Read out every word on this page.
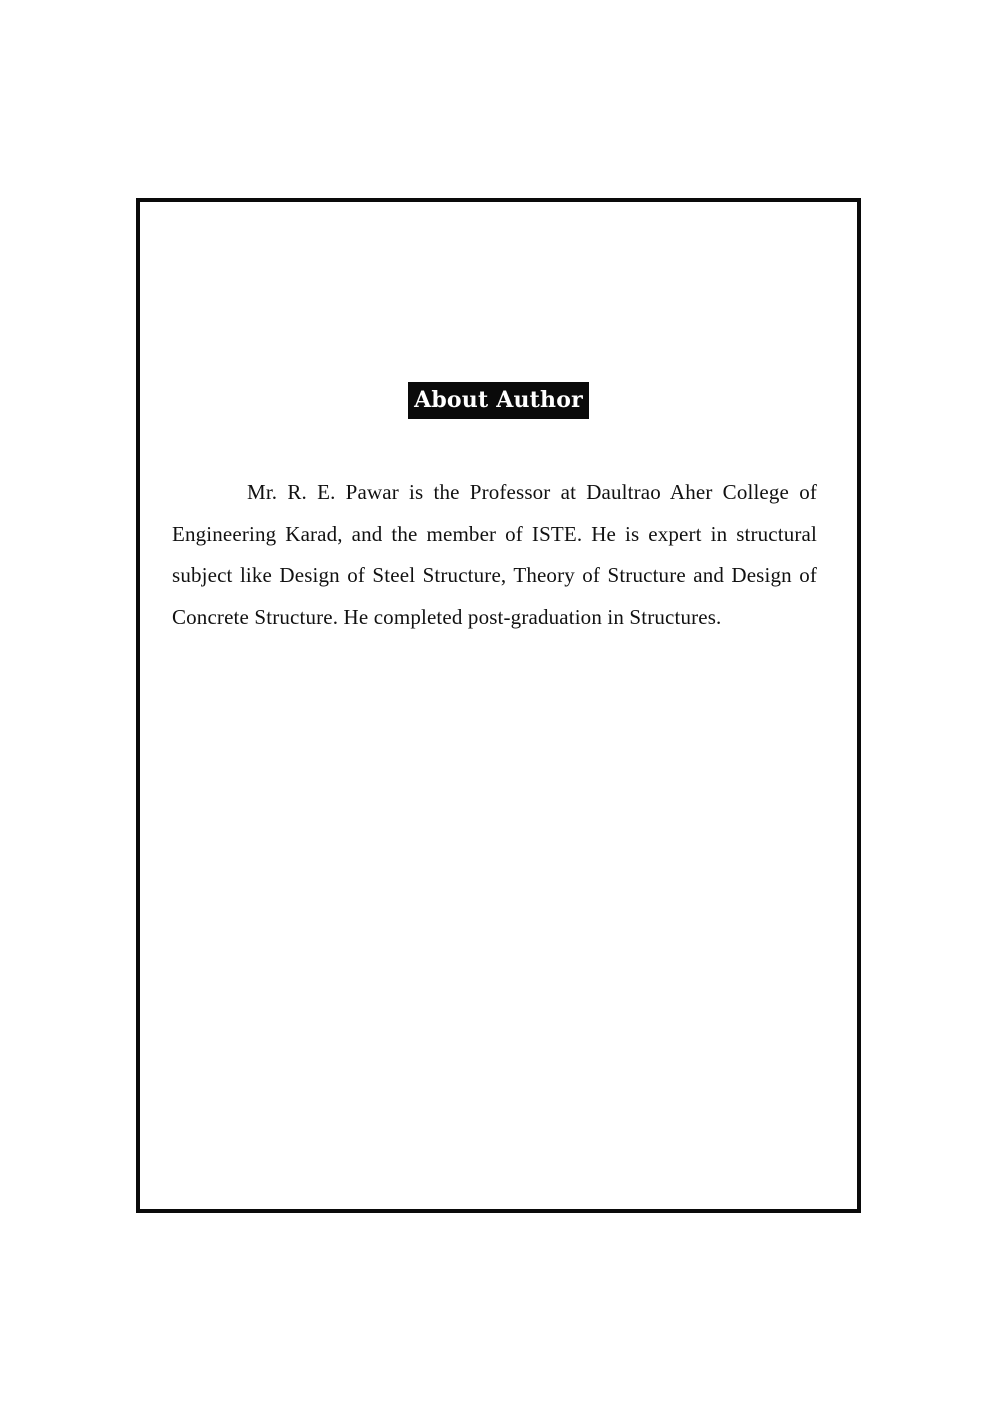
About Author

Mr. R. E. Pawar is the Professor at Daultrao Aher College of Engineering Karad, and the member of ISTE. He is expert in structural subject like Design of Steel Structure, Theory of Structure and Design of Concrete Structure. He completed post-graduation in Structures.
